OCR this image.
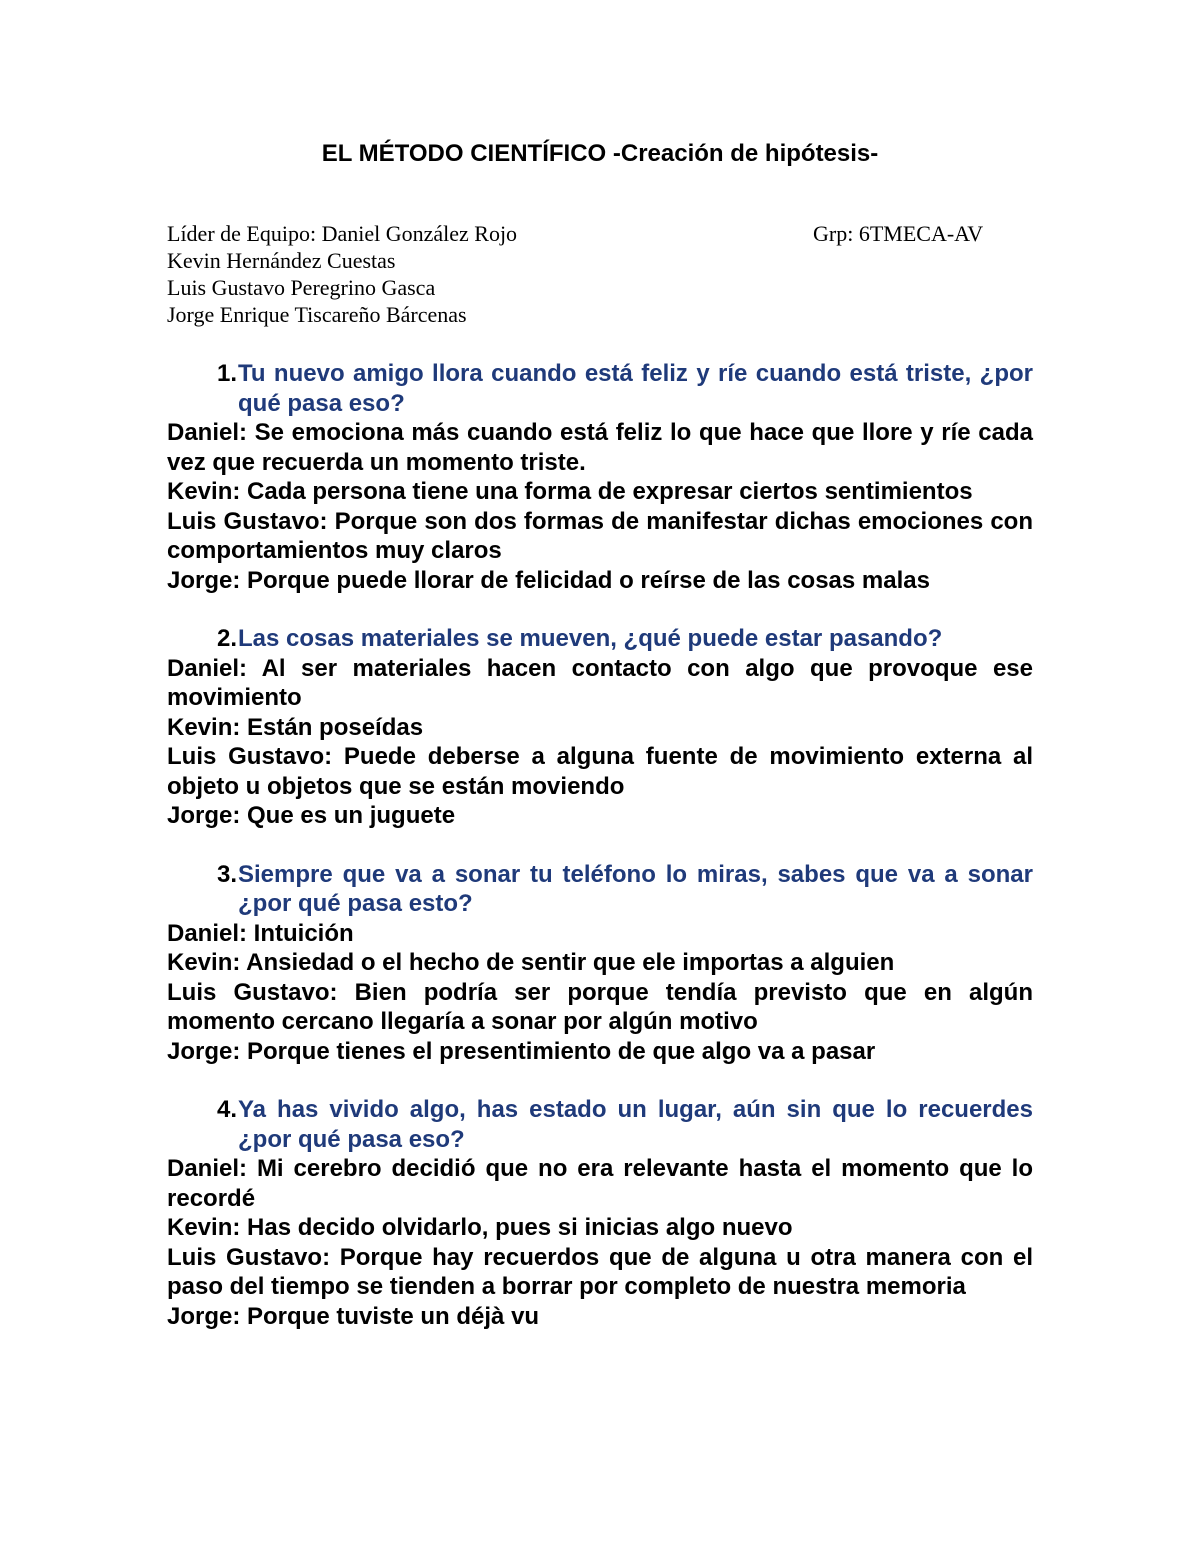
EL MÉTODO CIENTÍFICO -Creación de hipótesis-
Líder de Equipo: Daniel González Rojo	Grp: 6TMECA-AV
Kevin Hernández Cuestas
Luis Gustavo Peregrino Gasca
Jorge Enrique Tiscareño Bárcenas
1. Tu nuevo amigo llora cuando está feliz y ríe cuando está triste, ¿por qué pasa eso?
Daniel: Se emociona más cuando está feliz lo que hace que llore y ríe cada vez que recuerda un momento triste.
Kevin: Cada persona tiene una forma de expresar ciertos sentimientos
Luis Gustavo: Porque son dos formas de manifestar dichas emociones con comportamientos muy claros
Jorge: Porque puede llorar de felicidad o reírse de las cosas malas
2. Las cosas materiales se mueven, ¿qué puede estar pasando?
Daniel: Al ser materiales hacen contacto con algo que provoque ese movimiento
Kevin: Están poseídas
Luis Gustavo: Puede deberse a alguna fuente de movimiento externa al objeto u objetos que se están moviendo
Jorge: Que es un juguete
3. Siempre que va a sonar tu teléfono lo miras, sabes que va a sonar ¿por qué pasa esto?
Daniel: Intuición
Kevin: Ansiedad o el hecho de sentir que ele importas a alguien
Luis Gustavo: Bien podría ser porque tendía previsto que en algún momento cercano llegaría a sonar por algún motivo
Jorge: Porque tienes el presentimiento de que algo va a pasar
4. Ya has vivido algo, has estado un lugar, aún sin que lo recuerdes ¿por qué pasa eso?
Daniel: Mi cerebro decidió que no era relevante hasta el momento que lo recordé
Kevin: Has decido olvidarlo, pues si inicias algo nuevo
Luis Gustavo: Porque hay recuerdos que de alguna u otra manera con el paso del tiempo se tienden a borrar por completo de nuestra memoria
Jorge: Porque tuviste un déjà vu
